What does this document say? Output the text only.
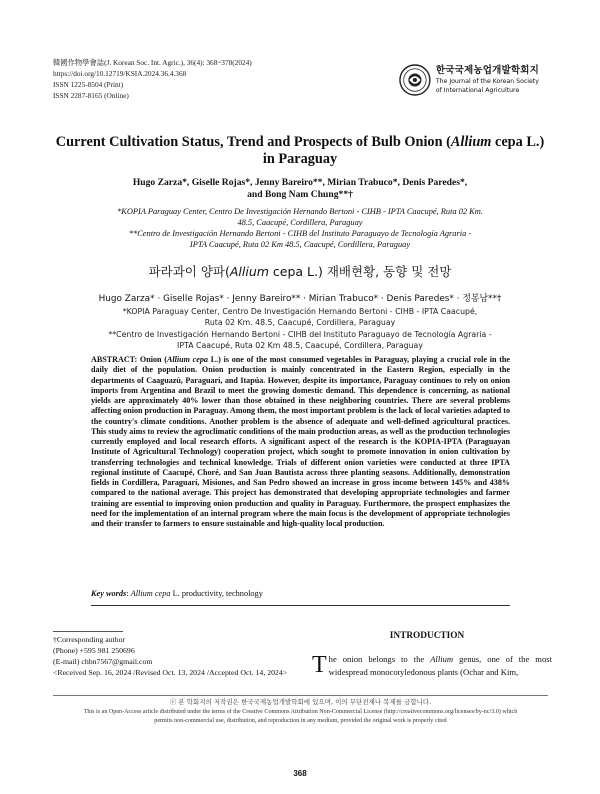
韓國作物學會誌(J. Korean Soc. Int. Agric.), 36(4): 368~378(2024)
https://doi.org/10.12719/KSIA.2024.36.4.368
ISSN 1225-8504 (Print)
ISSN 2287-8165 (Online)
한국국제농업개발학회지
The Journal of the Korean Society
of International Agriculture
Current Cultivation Status, Trend and Prospects of Bulb Onion (Allium cepa L.)
in Paraguay
Hugo Zarza*, Giselle Rojas*, Jenny Bareiro**, Mirian Trabuco*, Denis Paredes*,
and Bong Nam Chung**†
*KOPIA Paraguay Center, Centro De Investigación Hernando Bertoni - CIHB - IPTA Caacupé, Ruta 02 Km.
48.5, Caacupé, Cordillera, Paraguay
**Centro de Investigación Hernando Bertoni - CIHB del Instituto Paraguayo de Tecnología Agraria -
IPTA Caacupé, Ruta 02 Km 48.5, Caacupé, Cordillera, Paraguay
파라과이 양파(Allium cepa L.) 재배현황, 동향 및 전망
Hugo Zarza* · Giselle Rojas* · Jenny Bareiro** · Mirian Trabuco* · Denis Paredes* · 정봉남**†

*KOPIA Paraguay Center, Centro De Investigación Hernando Bertoni - CIHB - IPTA Caacupé,
Ruta 02 Km. 48.5, Caacupé, Cordillera, Paraguay

**Centro de Investigación Hernando Bertoni - CIHB del Instituto Paraguayo de Tecnología Agraria -
IPTA Caacupé, Ruta 02 Km 48.5, Caacupé, Cordillera, Paraguay

ABSTRACT: Onion (Allium cepa L.) is one of the most consumed vegetables in Paraguay, playing a crucial role in the daily diet of the population. Onion production is mainly concentrated in the Eastern Region, especially in the departments of Caaguazú, Paraguarí, and Itapúa. However, despite its importance, Paraguay continues to rely on onion imports from Argentina and Brazil to meet the growing domestic demand. This dependence is concerning, as national yields are approximately 40% lower than those obtained in these neighboring countries. There are several problems affecting onion production in Paraguay. Among them, the most important problem is the lack of local varieties adapted to the country's climate conditions. Another problem is the absence of adequate and well-defined agricultural practices. This study aims to review the agroclimatic conditions of the main production areas, as well as the production technologies currently employed and local research efforts. A significant aspect of the research is the KOPIA-IPTA (Paraguayan Institute of Agricultural Technology) cooperation project, which sought to promote innovation in onion cultivation by transferring technologies and technical knowledge. Trials of different onion varieties were conducted at three IPTA regional institute of Caacupé, Choré, and San Juan Bautista across three planting seasons. Additionally, demonstration fields in Cordillera, Paraguarí, Misiones, and San Pedro showed an increase in gross income between 145% and 438% compared to the national average. This project has demonstrated that developing appropriate technologies and farmer training are essential to improving onion production and quality in Paraguay. Furthermore, the prospect emphasizes the need for the implementation of an internal program where the main focus is the development of appropriate technologies and their transfer to farmers to ensure sustainable and high-quality local production.
Key words: Allium cepa L. productivity, technology
†Corresponding author
(Phone) +595 981 250696
(E-mail) chbn7567@gmail.com
<Received Sep. 16, 2024 /Revised Oct. 13, 2024 /Accepted Oct. 14, 2024>
INTRODUCTION
The onion belongs to the Allium genus, one of the most widespread monocotyledonous plants (Ochar and Kim,
ⓒ 본 학회지의 저작권은 한국국제농업개발학회에 있으며, 이의 무단전재나 복제를 금합니다.
This is an Open-Access article distributed under the terms of the Creative Commons Attribution Non-Commercial License (http://creativecommons.org/licenses/by-nc/3.0) which
permits non-commercial use, distribution, and reproduction in any medium, provided the original work is properly cited
368
